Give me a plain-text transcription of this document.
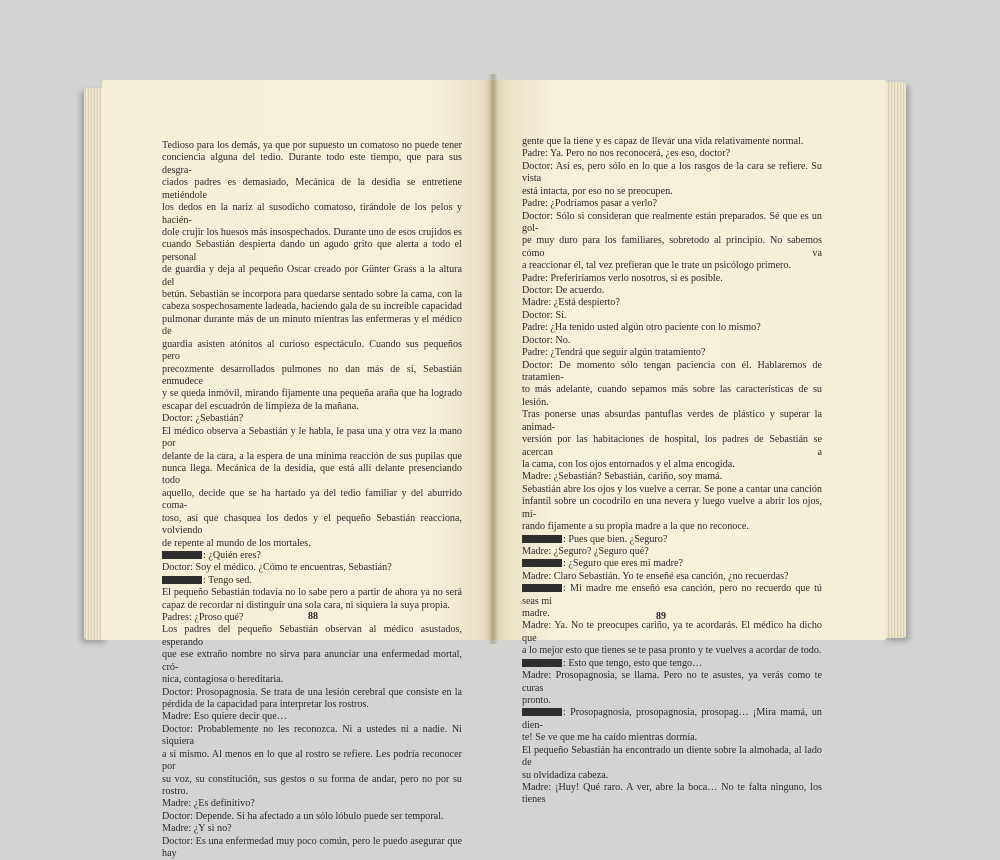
Tedioso para los demás, ya que por supuesto un comatoso no puede tener

conciencia alguna del tedio. Durante todo este tiempo, que para sus desgra-

ciados padres es demasiado, Mecánica de la desidia se entretiene metiéndole

los dedos en la nariz al susodicho comatoso, tirándole de los pelos y hacién-

dole crujir los huesos más insospechados. Durante uno de esos crujidos es

cuando Sebastián despierta dando un agudo grito que alerta a todo el personal

de guardia y deja al pequeño Oscar creado por Günter Grass a la altura del

betún. Sebastián se incorpora para quedarse sentado sobre la cama, con la

cabeza sospechosamente ladeada, haciendo gala de su increíble capacidad

pulmonar durante más de un minuto mientras las enfermeras y el médico de

guardia asisten atónitos al curioso espectáculo. Cuando sus pequeños pero

precozmente desarrollados pulmones no dan más de sí, Sebastián enmudece

y se queda inmóvil, mirando fijamente una pequeña araña que ha logrado

escapar del escuadrón de limpieza de la mañana.

Doctor: ¿Sebastián?

El médico observa a Sebastián y le habla, le pasa una y otra vez la mano por

delante de la cara, a la espera de una mínima reacción de sus pupilas que

nunca llega. Mecánica de la desidia, que está allí delante presenciando todo

aquello, decide que se ha hartado ya del tedio familiar y del aburrido coma-

toso, así que chasquea los dedos y el pequeño Sebastián reacciona, volviendo

de repente al mundo de los mortales.

: ¿Quién eres?

Doctor: Soy el médico. ¿Cómo te encuentras, Sebastián?

: Tengo sed.

El pequeño Sebastián todavía no lo sabe pero a partir de ahora ya no será

capaz de recordar ni distinguir una sola cara, ni siquiera la suya propia.

Padres: ¿Proso qué?

Los padres del pequeño Sebastián observan al médico asustados, esperando

que ese extraño nombre no sirva para anunciar una enfermedad mortal, cró-

nica, contagiosa o hereditaria.

Doctor: Prosopagnosia. Se trata de una lesión cerebral que consiste en la

pérdida de la capacidad para interpretar los rostros.

Madre: Eso quiere decir que…

Doctor: Probablemente no les reconozca. Ni a ustedes ni a nadie. Ni siquiera

a sí mismo. Al menos en lo que al rostro se refiere. Les podría reconocer por

su voz, su constitución, sus gestos o su forma de andar, pero no por su rostro.

Madre: ¿Es definitivo?

Doctor: Depende. Si ha afectado a un sólo lóbulo puede ser temporal.

Madre: ¿Y si no?

Doctor: Es una enfermedad muy poco común, pero le puedo asegurar que hay

88

gente que la tiene y es capaz de llevar una vida relativamente normal.

Padre: Ya. Pero no nos reconocerá, ¿es eso, doctor?

Doctor: Así es, pero sólo en lo que a los rasgos de la cara se refiere. Su vista

está intacta, por eso no se preocupen.

Padre: ¿Podríamos pasar a verlo?

Doctor: Sólo si consideran que realmente están preparados. Sé que es un gol-

pe muy duro para los familiares, sobretodo al principio. No sabemos cómo va

a reaccionar él, tal vez prefieran que le trate un psicólogo primero.

Padre: Preferiríamos verlo nosotros, si es posible.

Doctor: De acuerdo.

Madre: ¿Está despierto?

Doctor: Sí.

Padre: ¿Ha tenido usted algún otro paciente con lo mismo?

Doctor: No.

Padre: ¿Tendrá que seguir algún tratamiento?

Doctor: De momento sólo tengan paciencia con él. Hablaremos de tratamien-

to más adelante, cuando sepamos más sobre las características de su lesión.

Tras ponerse unas absurdas pantuflas verdes de plástico y superar la animad-

versión por las habitaciones de hospital, los padres de Sebastián se acercan a

la cama, con los ojos entornados y el alma encogida.

Madre: ¿Sebastián? Sebastián, cariño, soy mamá.

Sebastián abre los ojos y los vuelve a cerrar. Se pone a cantar una canción

infantil sobre un cocodrilo en una nevera y luego vuelve a abrir los ojos, mi-

rando fijamente a su propia madre a la que no reconoce.

: Pues que bien. ¿Seguro?

Madre: ¿Seguro? ¿Seguro qué?

: ¿Seguro que eres mi madre?

Madre: Claro Sebastián. Yo te enseñé esa canción, ¿no recuerdas?

: Mi madre me enseñó esa canción, pero no recuerdo que tú seas mi

madre.

Madre: Ya. No te preocupes cariño, ya te acordarás. El médico ha dicho que

a lo mejor esto que tienes se te pasa pronto y te vuelves a acordar de todo.

: Esto que tengo, esto que tengo…

Madre: Prosopagnosia, se llama. Pero no te asustes, ya verás como te curas

pronto.

: Prosopagnosia, prosopagnosia, prosopag… ¡Mira mamá, un dien-

te! Se ve que me ha caído mientras dormía.

El pequeño Sebastián ha encontrado un diente sobre la almohada, al lado de

su olvidadiza cabeza.

Madre: ¡Huy! Qué raro. A ver, abre la boca… No te falta ninguno, los tienes

89
